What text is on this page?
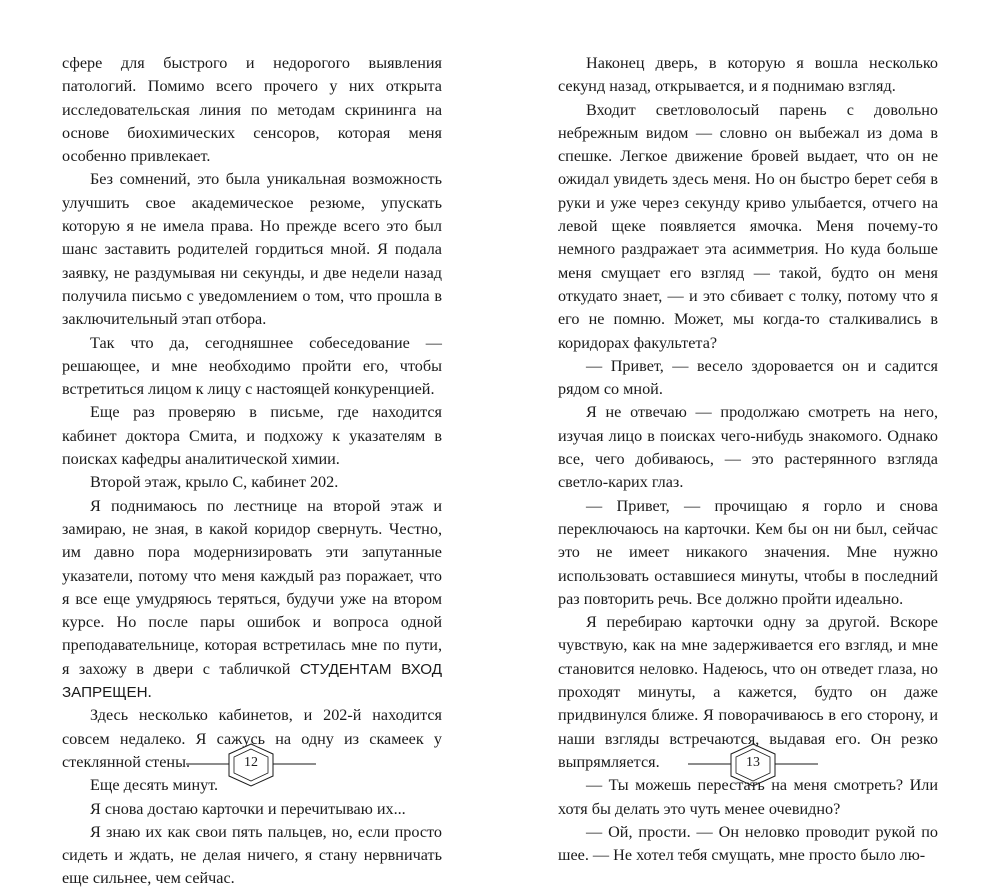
сфере для быстрого и недорогого выявления патологий. Помимо всего прочего у них открыта исследовательская линия по методам скрининга на основе биохимических сенсоров, которая меня особенно привлекает.

Без сомнений, это была уникальная возможность улучшить свое академическое резюме, упускать которую я не имела права. Но прежде всего это был шанс заставить родителей гордиться мной. Я подала заявку, не раздумывая ни секунды, и две недели назад получила письмо с уведомлением о том, что прошла в заключительный этап отбора.

Так что да, сегодняшнее собеседование — решающее, и мне необходимо пройти его, чтобы встретиться лицом к лицу с настоящей конкуренцией.

Еще раз проверяю в письме, где находится кабинет доктора Смита, и подхожу к указателям в поисках кафедры аналитической химии.

Второй этаж, крыло С, кабинет 202.

Я поднимаюсь по лестнице на второй этаж и замираю, не зная, в какой коридор свернуть. Честно, им давно пора модернизировать эти запутанные указатели, потому что меня каждый раз поражает, что я все еще умудряюсь теряться, будучи уже на втором курсе. Но после пары ошибок и вопроса одной преподавательнице, которая встретилась мне по пути, я захожу в двери с табличкой СТУДЕНТАМ ВХОД ЗАПРЕЩЕН.

Здесь несколько кабинетов, и 202-й находится совсем недалеко. Я сажусь на одну из скамеек у стеклянной стены.

Еще десять минут.

Я снова достаю карточки и перечитываю их...

Я знаю их как свои пять пальцев, но, если просто сидеть и ждать, не делая ничего, я стану нервничать еще сильнее, чем сейчас.

Наконец дверь, в которую я вошла несколько секунд назад, открывается, и я поднимаю взгляд.

Входит светловолосый парень с довольно небрежным видом — словно он выбежал из дома в спешке. Легкое движение бровей выдает, что он не ожидал увидеть здесь меня. Но он быстро берет себя в руки и уже через секунду криво улыбается, отчего на левой щеке появляется ямочка. Меня почему-то немного раздражает эта асимметрия. Но куда больше меня смущает его взгляд — такой, будто он меня откудато знает, — и это сбивает с толку, потому что я его не помню. Может, мы когда-то сталкивались в коридорах факультета?

— Привет, — весело здоровается он и садится рядом со мной.

Я не отвечаю — продолжаю смотреть на него, изучая лицо в поисках чего-нибудь знакомого. Однако все, чего добиваюсь, — это растерянного взгляда светло-карих глаз.

— Привет, — прочищаю я горло и снова переключаюсь на карточки. Кем бы он ни был, сейчас это не имеет никакого значения. Мне нужно использовать оставшиеся минуты, чтобы в последний раз повторить речь. Все должно пройти идеально.

Я перебираю карточки одну за другой. Вскоре чувствую, как на мне задерживается его взгляд, и мне становится неловко. Надеюсь, что он отведет глаза, но проходят минуты, а кажется, будто он даже придвинулся ближе. Я поворачиваюсь в его сторону, и наши взгляды встречаются, выдавая его. Он резко выпрямляется.

— Ты можешь перестать на меня смотреть? Или хотя бы делать это чуть менее очевидно?

— Ой, прости. — Он неловко проводит рукой по шее. — Не хотел тебя смущать, мне просто было лю-

12	13
